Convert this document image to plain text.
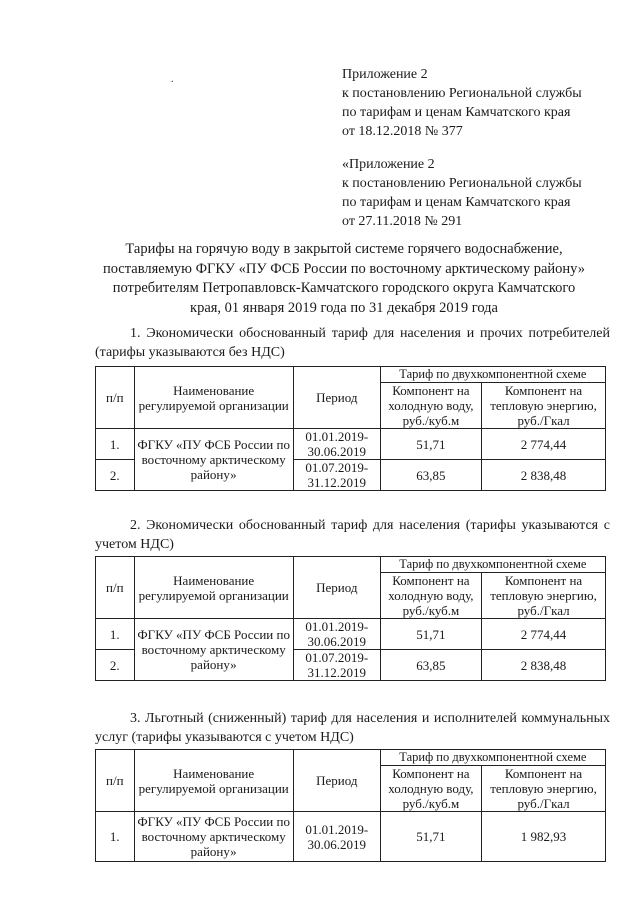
.	Приложение 2
к постановлению Региональной службы
по тарифам и ценам Камчатского края
от 18.12.2018 № 377
«Приложение 2
к постановлению Региональной службы
по тарифам и ценам Камчатского края
от 27.11.2018 № 291
Тарифы на горячую воду в закрытой системе горячего водоснабжение,
поставляемую ФГКУ «ПУ ФСБ России по восточному арктическому району»
потребителям Петропавловск-Камчатского городского округа Камчатского
края, 01 января 2019 года по 31 декабря 2019 года
1. Экономически обоснованный тариф для населения и прочих потребителей
(тарифы указываются без НДС)
п/п	Наименование регулируемой организации	Период	Тариф по двухкомпонентной схеме	
			Компонент на холодную воду, руб./куб.м	Компонент на тепловую энергию, руб./Гкал
1.	ФГКУ «ПУ ФСБ России по восточному арктическому району»	01.01.2019-30.06.2019	51,71	2 774,44
2.		01.07.2019-31.12.2019	63,85	2 838,48
2. Экономически обоснованный тариф для населения (тарифы указываются с
учетом НДС)
п/п	Наименование регулируемой организации	Период	Тариф по двухкомпонентной схеме	
			Компонент на холодную воду, руб./куб.м	Компонент на тепловую энергию, руб./Гкал
1.	ФГКУ «ПУ ФСБ России по восточному арктическому району»	01.01.2019-30.06.2019	51,71	2 774,44
2.		01.07.2019-31.12.2019	63,85	2 838,48
3. Льготный (сниженный) тариф для населения и исполнителей коммунальных
услуг (тарифы указываются с учетом НДС)
п/п	Наименование регулируемой организации	Период	Тариф по двухкомпонентной схеме	
			Компонент на холодную воду, руб./куб.м	Компонент на тепловую энергию, руб./Гкал
1.	ФГКУ «ПУ ФСБ России по восточному арктическому району»	01.01.2019-30.06.2019	51,71	1 982,93
